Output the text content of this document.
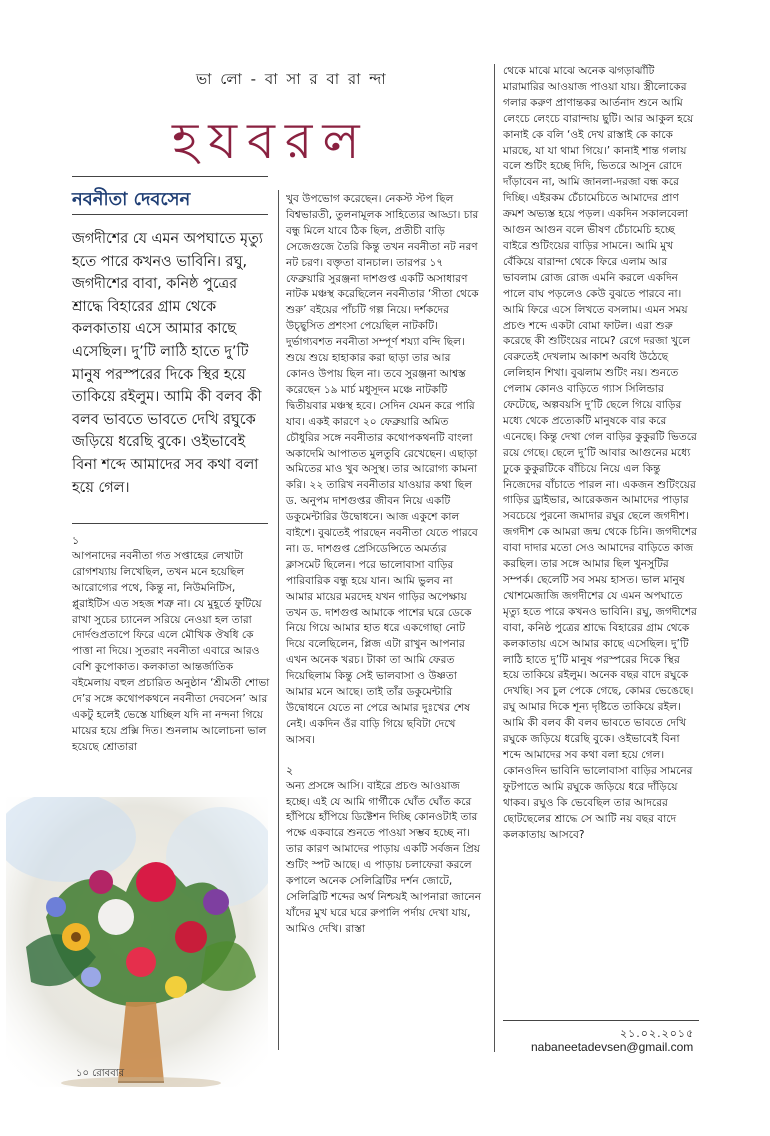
ভা লো - বা সা র বা রা ন্দা
হযবরল
নবনীতা দেবসেন

জগদীশের যে এমন অপঘাতে মৃত্যু হতে পারে কখনও ভাবিনি। রঘু, জগদীশের বাবা, কনিষ্ঠ পুত্রের শ্রাদ্ধে বিহারের গ্রাম থেকে কলকাতায় এসে আমার কাছে এসেছিল। দু’টি লাঠি হাতে দু’টি মানুষ পরস্পরের দিকে স্থির হয়ে তাকিয়ে রইলুম। আমি কী বলব কী বলব ভাবতে ভাবতে দেখি রঘুকে জড়িয়ে ধরেছি বুকে। ওইভাবেই বিনা শব্দে আমাদের সব কথা বলা হয়ে গেল।

১

আপনাদের নবনীতা গত সপ্তাহের লেখাটা রোগশয্যায় লিখেছিল, তখন মনে হয়েছিল আরোগ্যের পথে, কিন্তু না, নিউমনিটিস, প্লুরাইটিস এত সহজ শত্রু না। যে মুহূর্তে ফুটিয়ে রাখা সুচের চ্যানেল সরিয়ে নেওয়া হল তারা দোর্দণ্ডপ্রতাপে ফিরে এলে মৌখিক ঔষধি কে পাত্তা না দিয়ে। সুতরাং নবনীতা এবারে আরও বেশি কুপোকাত। কলকাতা আন্তর্জাতিক বইমেলায় বহুল প্রচারিত অনুষ্ঠান ‘শ্রীমতী শোভা দে’র সঙ্গে কথোপকথনে নবনীতা দেবসেন’ আর একটু হলেই ভেস্তে যাচ্ছিল যদি না নন্দনা গিয়ে মায়ের হয়ে প্রক্সি দিত। শুনলাম আলোচনা ভাল হয়েছে শ্রোতারা

খুব উপভোগ করেছেন। নেকস্ট স্টপ ছিল বিশ্বভারতী, তুলনামূলক সাহিত্যের আড্ডা। চার বন্ধু মিলে যাবে ঠিক ছিল, প্রতীচী বাড়ি সেজেগুজে তৈরি কিন্তু তখন নবনীতা নট নরণ নট চরণ। বক্তৃতা বানচাল। তারপর ১৭ ফেব্রুয়ারি সুরঞ্জনা দাশগুপ্ত একটি অসাধারণ নাটক মঞ্চস্থ করেছিলেন নবনীতার ‘সীতা থেকে শুরু’ বইয়ের পাঁচটি গল্প নিয়ে। দর্শকদের উচ্ছ্বসিত প্রশংসা পেয়েছিল নাটকটি। দুর্ভাগ্যবশত নবনীতা সম্পূর্ণ শয্যা বন্দি ছিল। শুয়ে শুয়ে হাহাকার করা ছাড়া তার আর কোনও উপায় ছিল না। তবে সুরঞ্জনা আশ্বস্ত করেছেন ১৯ মার্চ মধুসূদন মঞ্চে নাটকটি দ্বিতীয়বার মঞ্চস্থ হবে। সেদিন যেমন করে পারি যাব। একই কারণে ২০ ফেব্রুয়ারি অমিত চৌধুরির সঙ্গে নবনীতার কথোপকথনটি বাংলা অকাদেমি আপাতত মুলতুবি রেখেছেন। এছাড়া অমিতের মাও খুব অসুস্থ। তার আরোগ্য কামনা করি। ২২ তারিখ নবনীতার যাওয়ার কথা ছিল ড. অনুপম দাশগুপ্তর জীবন নিয়ে একটি ডকুমেন্টারির উদ্বোধনে। আজ একুশে কাল বাইশে। বুঝতেই পারছেন নবনীতা যেতে পারবে না। ড. দাশগুপ্ত প্রেসিডেন্সিতে অমর্ত্যর ক্লাসমেট ছিলেন। পরে ভালোবাসা বাড়ির পারিবারিক বন্ধু হয়ে যান। আমি ভুলব না আমার মায়ের মরদেহ যখন গাড়ির অপেক্ষায় তখন ড. দাশগুপ্ত আমাকে পাশের ঘরে ডেকে নিয়ে গিয়ে আমার হাত ধরে একগোছা নোট দিয়ে বলেছিলেন, প্লিজ এটা রাখুন আপনার এখন অনেক খরচ। টাকা তা আমি ফেরত দিয়েছিলাম কিন্তু সেই ভালবাসা ও উষ্ণতা আমার মনে আছে। তাই তাঁর ডকুমেন্টারি উদ্বোধনে যেতে না পেরে আমার দুঃখের শেষ নেই। একদিন ওঁর বাড়ি গিয়ে ছবিটা দেখে আসব।

২

অন্য প্রসঙ্গে আসি। বাইরে প্রচণ্ড আওয়াজ হচ্ছে। এই যে আমি গার্গীকে ঘোঁত ঘোঁত করে হাঁপিয়ে হাঁপিয়ে ডিক্টেশন দিচ্ছি কোনওটাই তার পক্ষে একবারে শুনতে পাওয়া সম্ভব হচ্ছে না। তার কারণ আমাদের পাড়ায় একটি সর্বজন প্রিয় শুটিং স্পট আছে। এ পাড়ায় চলাফেরা করলে কপালে অনেক সেলিব্রিটির দর্শন জোটে, সেলিব্রিটি শব্দের অর্থ নিশ্চয়ই আপনারা জানেন যাঁদের মুখ ঘরে ঘরে রুপালি পর্দায় দেখা যায়, আমিও দেখি। রাস্তা

থেকে মাঝে মাঝে অনেক ঝগড়াঝাঁটি মারামারির আওয়াজ পাওয়া যায়। স্ত্রীলোকের গলার করুণ প্রাণান্তকর আর্তনাদ শুনে আমি লেংচে লেংচে বারান্দায় ছুটি। আর আকুল হয়ে কানাই কে বলি ‘ওই দেখ রাস্তাই কে কাকে মারছে, যা যা থামা গিয়ে।’ কানাই শান্ত গলায় বলে শুটিং হচ্ছে দিদি, ভিতরে আসুন রোদে দাঁড়াবেন না, আমি জানলা-দরজা বন্ধ করে দিচ্ছি। এইরকম চেঁচামেচিতে আমাদের প্রাণ ক্রমশ অভ্যস্ত হয়ে পড়ল। একদিন সকালবেলা আগুন আগুন বলে ভীষণ চেঁচামেচি হচ্ছে বাইরে শুটিংয়ের বাড়ির সামনে। আমি মুখ বেঁকিয়ে বারান্দা থেকে ফিরে এলাম আর ভাবলাম রোজ রোজ এমনি করলে একদিন পালে বাঘ পড়লেও কেউ বুঝতে পারবে না। আমি ফিরে এসে লিখতে বসলাম। এমন সময় প্রচণ্ড শব্দে একটা বোমা ফাটল। এরা শুরু করেছে কী শুটিংয়ের নামে? রেগে দরজা খুলে বেরুতেই দেখলাম আকাশ অবধি উঠেছে লেলিহান শিখা। বুঝলাম শুটিং নয়। শুনতে পেলাম কোনও বাড়িতে গ্যাস সিলিন্ডার ফেটেছে, অল্পবয়সি দু’টি ছেলে গিয়ে বাড়ির মধ্যে থেকে প্রত্যেকটি মানুষকে বার করে এনেছে। কিন্তু দেখা গেল বাড়ির কুকুরটি ভিতরে রয়ে গেছে। ছেলে দু’টি আবার আগুনের মধ্যে ঢুকে কুকুরটিকে বাঁচিয়ে নিয়ে এল কিন্তু নিজেদের বাঁচাতে পারল না। একজন শুটিংয়ের গাড়ির ড্রাইভার, আরেকজন আমাদের পাড়ার সবচেয়ে পুরনো জমাদার রঘুর ছেলে জগদীশ। জগদীশ কে আমরা জন্ম থেকে চিনি। জগদীশের বাবা দাদার মতো সেও আমাদের বাড়িতে কাজ করছিল। তার সঙ্গে আমার ছিল খুনসুটির সম্পর্ক। ছেলেটি সব সময় হাসত। ভাল মানুষ খোশমেজাজি জগদীশের যে এমন অপঘাতে মৃত্যু হতে পারে কখনও ভাবিনি। রঘু, জগদীশের বাবা, কনিষ্ঠ পুত্রের শ্রাদ্ধে বিহারের গ্রাম থেকে কলকাতায় এসে আমার কাছে এসেছিল। দু’টি লাঠি হাতে দু’টি মানুষ পরস্পরের দিকে স্থির হয়ে তাকিয়ে রইলুম। অনেক বছর বাদে রঘুকে দেখছি। সব চুল পেকে গেছে, কোমর ভেঙেছে। রঘু আমার দিকে শূন্য দৃষ্টিতে তাকিয়ে রইল। আমি কী বলব কী বলব ভাবতে ভাবতে দেখি রঘুকে জড়িয়ে ধরেছি বুকে। ওইভাবেই বিনা শব্দে আমাদের সব কথা বলা হয়ে গেল। কোনওদিন ভাবিনি ভালোবাসা বাড়ির সামনের ফুটপাতে আমি রঘুকে জড়িয়ে ধরে দাঁড়িয়ে থাকব। রঘুও কি ভেবেছিল তার আদরের ছোটছেলের শ্রাদ্ধে সে আটি নয় বছর বাদে কলকাতায় আসবে?

২১.০২.২০১৫
nabaneetadevsen@gmail.com
১০ রোববার
